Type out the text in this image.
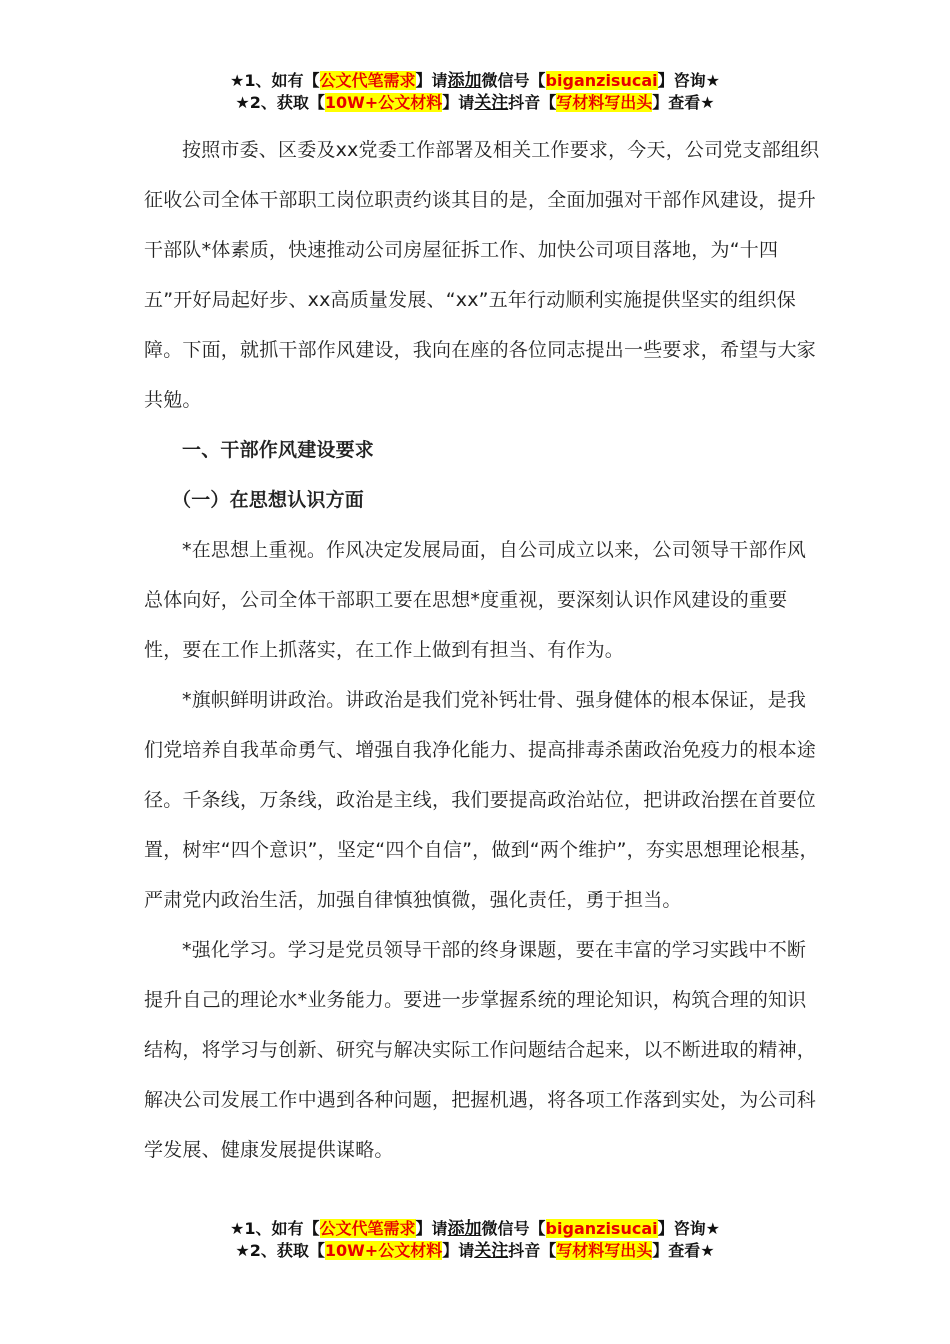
★1、如有【公文代笔需求】请添加微信号【biganzisucai】咨询★
★2、获取【10W+公文材料】请关注抖音【写材料写出头】查看★

按照市委、区委及xx党委工作部署及相关工作要求，今天，公司党支部组织征收公司全体干部职工岗位职责约谈其目的是，全面加强对干部作风建设，提升干部队*体素质，快速推动公司房屋征拆工作、加快公司项目落地，为“十四五”开好局起好步、xx高质量发展、“xx”五年行动顺利实施提供坚实的组织保障。下面，就抓干部作风建设，我向在座的各位同志提出一些要求，希望与大家共勉。

一、干部作风建设要求
（一）在思想认识方面

*在思想上重视。作风决定发展局面，自公司成立以来，公司领导干部作风总体向好，公司全体干部职工要在思想*度重视，要深刻认识作风建设的重要性，要在工作上抓落实，在工作上做到有担当、有作为。

*旗帜鲜明讲政治。讲政治是我们党补钙壮骨、强身健体的根本保证，是我们党培养自我革命勇气、增强自我净化能力、提高排毒杀菌政治免疫力的根本途径。千条线，万条线，政治是主线，我们要提高政治站位，把讲政治摆在首要位置，树牢“四个意识”，坚定“四个自信”，做到“两个维护”，夯实思想理论根基，严肃党内政治生活，加强自律慎独慎微，强化责任，勇于担当。

*强化学习。学习是党员领导干部的终身课题，要在丰富的学习实践中不断提升自己的理论水*业务能力。要进一步掌握系统的理论知识，构筑合理的知识结构，将学习与创新、研究与解决实际工作问题结合起来，以不断进取的精神，解决公司发展工作中遇到各种问题，把握机遇，将各项工作落到实处，为公司科学发展、健康发展提供谋略。

★1、如有【公文代笔需求】请添加微信号【biganzisucai】咨询★
★2、获取【10W+公文材料】请关注抖音【写材料写出头】查看★
